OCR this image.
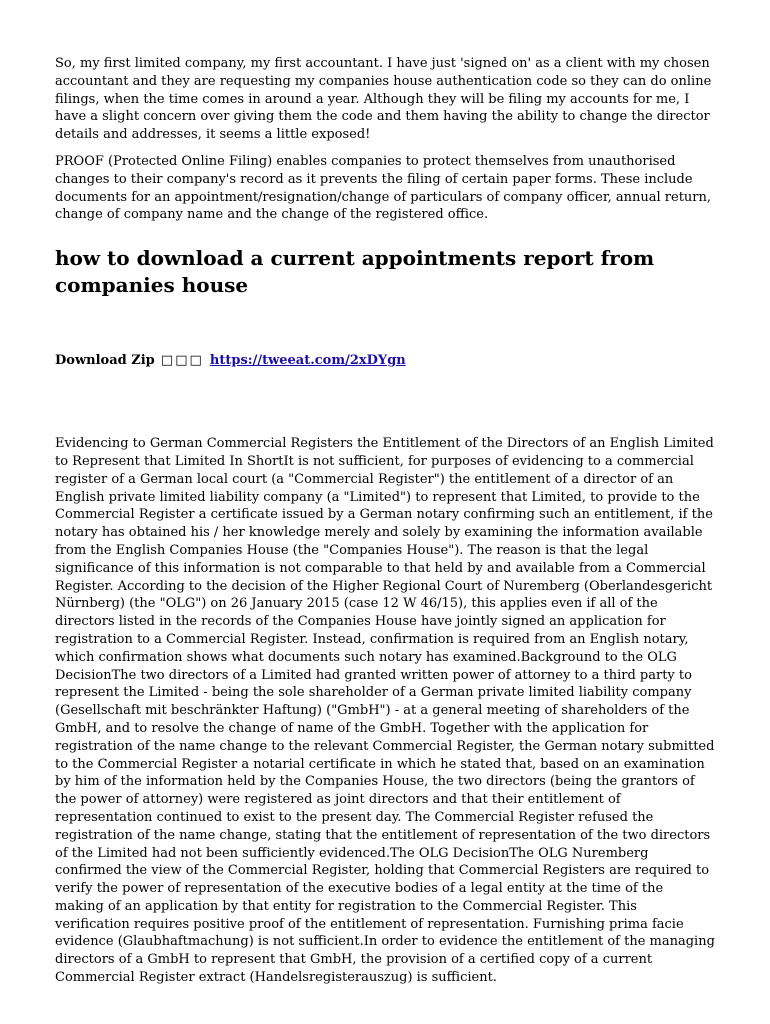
So, my first limited company, my first accountant. I have just 'signed on' as a client with my chosen accountant and they are requesting my companies house authentication code so they can do online filings, when the time comes in around a year. Although they will be filing my accounts for me, I have a slight concern over giving them the code and them having the ability to change the director details and addresses, it seems a little exposed!

PROOF (Protected Online Filing) enables companies to protect themselves from unauthorised changes to their company's record as it prevents the filing of certain paper forms. These include documents for an appointment/resignation/change of particulars of company officer, annual return, change of company name and the change of the registered office.

how to download a current appointments report from companies house
Download Zip □□□ https://tweeat.com/2xDYgn

Evidencing to German Commercial Registers the Entitlement of the Directors of an English Limited to Represent that Limited In ShortIt is not sufficient, for purposes of evidencing to a commercial register of a German local court (a "Commercial Register") the entitlement of a director of an English private limited liability company (a "Limited") to represent that Limited, to provide to the Commercial Register a certificate issued by a German notary confirming such an entitlement, if the notary has obtained his / her knowledge merely and solely by examining the information available from the English Companies House (the "Companies House"). The reason is that the legal significance of this information is not comparable to that held by and available from a Commercial Register. According to the decision of the Higher Regional Court of Nuremberg (Oberlandesgericht Nürnberg) (the "OLG") on 26 January 2015 (case 12 W 46/15), this applies even if all of the directors listed in the records of the Companies House have jointly signed an application for registration to a Commercial Register. Instead, confirmation is required from an English notary, which confirmation shows what documents such notary has examined.Background to the OLG DecisionThe two directors of a Limited had granted written power of attorney to a third party to represent the Limited - being the sole shareholder of a German private limited liability company (Gesellschaft mit beschränkter Haftung) ("GmbH") - at a general meeting of shareholders of the GmbH, and to resolve the change of name of the GmbH. Together with the application for registration of the name change to the relevant Commercial Register, the German notary submitted to the Commercial Register a notarial certificate in which he stated that, based on an examination by him of the information held by the Companies House, the two directors (being the grantors of the power of attorney) were registered as joint directors and that their entitlement of representation continued to exist to the present day. The Commercial Register refused the registration of the name change, stating that the entitlement of representation of the two directors of the Limited had not been sufficiently evidenced.The OLG DecisionThe OLG Nuremberg confirmed the view of the Commercial Register, holding that Commercial Registers are required to verify the power of representation of the executive bodies of a legal entity at the time of the making of an application by that entity for registration to the Commercial Register. This verification requires positive proof of the entitlement of representation. Furnishing prima facie evidence (Glaubhaftmachung) is not sufficient.In order to evidence the entitlement of the managing directors of a GmbH to represent that GmbH, the provision of a certified copy of a current Commercial Register extract (Handelsregisterauszug) is sufficient.
